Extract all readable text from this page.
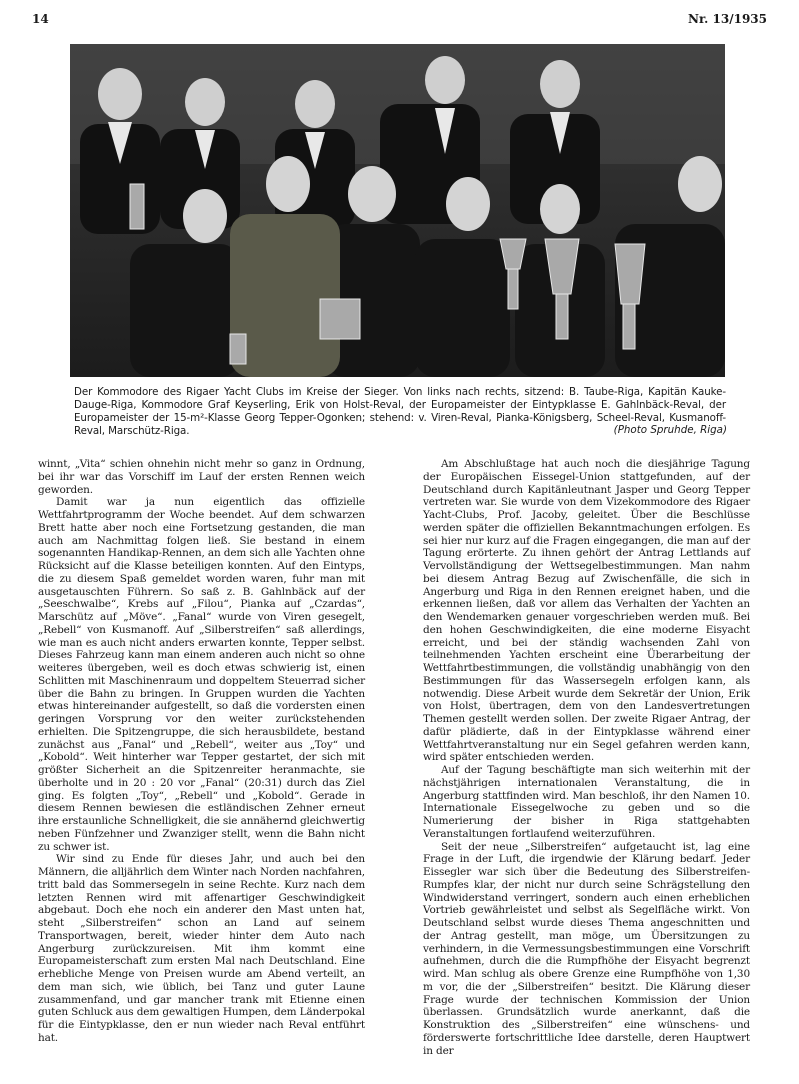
14	Nr. 13/1935
Der Kommodore des Rigaer Yacht Clubs im Kreise der Sieger. Von links nach rechts, sitzend: B. Taube-Riga, Kapitän Kauke-Dauge-Riga, Kommodore Graf Keyserling, Erik von Holst-Reval, der Europameister der Eintypklasse E. Gahlnbäck-Reval, der Europameister der 15-m²-Klasse Georg Tepper-Ogonken; stehend: v. Viren-Reval, Pianka-Königsberg, Scheel-Reval, Kusmanoff-Reval, Marschütz-Riga.	(Photo Spruhde, Riga)

winnt, „Vita“ schien ohnehin nicht mehr so ganz in Ordnung, bei ihr war das Vorschiff im Lauf der ersten Rennen weich geworden.

Damit war ja nun eigentlich das offizielle Wettfahrtprogramm der Woche beendet. Auf dem schwarzen Brett hatte aber noch eine Fortsetzung gestanden, die man auch am Nachmittag folgen ließ. Sie bestand in einem sogenannten Handikap-Rennen, an dem sich alle Yachten ohne Rücksicht auf die Klasse beteiligen konnten. Auf den Eintyps, die zu diesem Spaß gemeldet worden waren, fuhr man mit ausgetauschten Führern. So saß z. B. Gahlnbäck auf der „Seeschwalbe“, Krebs auf „Filou“, Pianka auf „Czardas“, Marschütz auf „Möve“. „Fanal“ wurde von Viren gesegelt, „Rebell“ von Kusmanoff. Auf „Silberstreifen“ saß allerdings, wie man es auch nicht anders erwarten konnte, Tepper selbst. Dieses Fahrzeug kann man einem anderen auch nicht so ohne weiteres übergeben, weil es doch etwas schwierig ist, einen Schlitten mit Maschinenraum und doppeltem Steuerrad sicher über die Bahn zu bringen. In Gruppen wurden die Yachten etwas hintereinander aufgestellt, so daß die vordersten einen geringen Vorsprung vor den weiter zurückstehenden erhielten. Die Spitzengruppe, die sich herausbildete, bestand zunächst aus „Fanal“ und „Rebell“, weiter aus „Toy“ und „Kobold“. Weit hinterher war Tepper gestartet, der sich mit größter Sicherheit an die Spitzenreiter heranmachte, sie überholte und in 20 : 20 vor „Fanal“ (20:31) durch das Ziel ging. Es folgten „Toy“, „Rebell“ und „Kobold“. Gerade in diesem Rennen bewiesen die estländischen Zehner erneut ihre erstaunliche Schnelligkeit, die sie annähernd gleichwertig neben Fünfzehner und Zwanziger stellt, wenn die Bahn nicht zu schwer ist.

Wir sind zu Ende für dieses Jahr, und auch bei den Männern, die alljährlich dem Winter nach Norden nachfahren, tritt bald das Sommersegeln in seine Rechte. Kurz nach dem letzten Rennen wird mit affenartiger Geschwindigkeit abgebaut. Doch ehe noch ein anderer den Mast unten hat, steht „Silberstreifen“ schon an Land auf seinem Transportwagen, bereit, wieder hinter dem Auto nach Angerburg zurückzureisen. Mit ihm kommt eine Europameisterschaft zum ersten Mal nach Deutschland. Eine erhebliche Menge von Preisen wurde am Abend verteilt, an dem man sich, wie üblich, bei Tanz und guter Laune zusammenfand, und gar mancher trank mit Etienne einen guten Schluck aus dem gewaltigen Humpen, dem Länderpokal für die Eintypklasse, den er nun wieder nach Reval entführt hat.

Am Abschlußtage hat auch noch die diesjährige Tagung der Europäischen Eissegel-Union stattgefunden, auf der Deutschland durch Kapitänleutnant Jasper und Georg Tepper vertreten war. Sie wurde von dem Vizekommodore des Rigaer Yacht-Clubs, Prof. Jacoby, geleitet. Über die Beschlüsse werden später die offiziellen Bekanntmachungen erfolgen. Es sei hier nur kurz auf die Fragen eingegangen, die man auf der Tagung erörterte. Zu ihnen gehört der Antrag Lettlands auf Vervollständigung der Wettsegelbestimmungen. Man nahm bei diesem Antrag Bezug auf Zwischenfälle, die sich in Angerburg und Riga in den Rennen ereignet haben, und die erkennen ließen, daß vor allem das Verhalten der Yachten an den Wendemarken genauer vorgeschrieben werden muß. Bei den hohen Geschwindigkeiten, die eine moderne Eisyacht erreicht, und bei der ständig wachsenden Zahl von teilnehmenden Yachten erscheint eine Überarbeitung der Wettfahrtbestimmungen, die vollständig unabhängig von den Bestimmungen für das Wassersegeln erfolgen kann, als notwendig. Diese Arbeit wurde dem Sekretär der Union, Erik von Holst, übertragen, dem von den Landesvertretungen Themen gestellt werden sollen. Der zweite Rigaer Antrag, der dafür plädierte, daß in der Eintypklasse während einer Wettfahrtveranstaltung nur ein Segel gefahren werden kann, wird später entschieden werden.

Auf der Tagung beschäftigte man sich weiterhin mit der nächstjährigen internationalen Veranstaltung, die in Angerburg stattfinden wird. Man beschloß, ihr den Namen 10. Internationale Eissegelwoche zu geben und so die Numerierung der bisher in Riga stattgehabten Veranstaltungen fortlaufend weiterzuführen.

Seit der neue „Silberstreifen“ aufgetaucht ist, lag eine Frage in der Luft, die irgendwie der Klärung bedarf. Jeder Eissegler war sich über die Bedeutung des Silberstreifen-Rumpfes klar, der nicht nur durch seine Schrägstellung den Windwiderstand verringert, sondern auch einen erheblichen Vortrieb gewährleistet und selbst als Segelfläche wirkt. Von Deutschland selbst wurde dieses Thema angeschnitten und der Antrag gestellt, man möge, um Übersitzungen zu verhindern, in die Vermessungsbestimmungen eine Vorschrift aufnehmen, durch die die Rumpfhöhe der Eisyacht begrenzt wird. Man schlug als obere Grenze eine Rumpfhöhe von 1,30 m vor, die der „Silberstreifen“ besitzt. Die Klärung dieser Frage wurde der technischen Kommission der Union überlassen. Grundsätzlich wurde anerkannt, daß die Konstruktion des „Silberstreifen“ eine wünschens- und förderswerte fortschrittliche Idee darstelle, deren Hauptwert in der
